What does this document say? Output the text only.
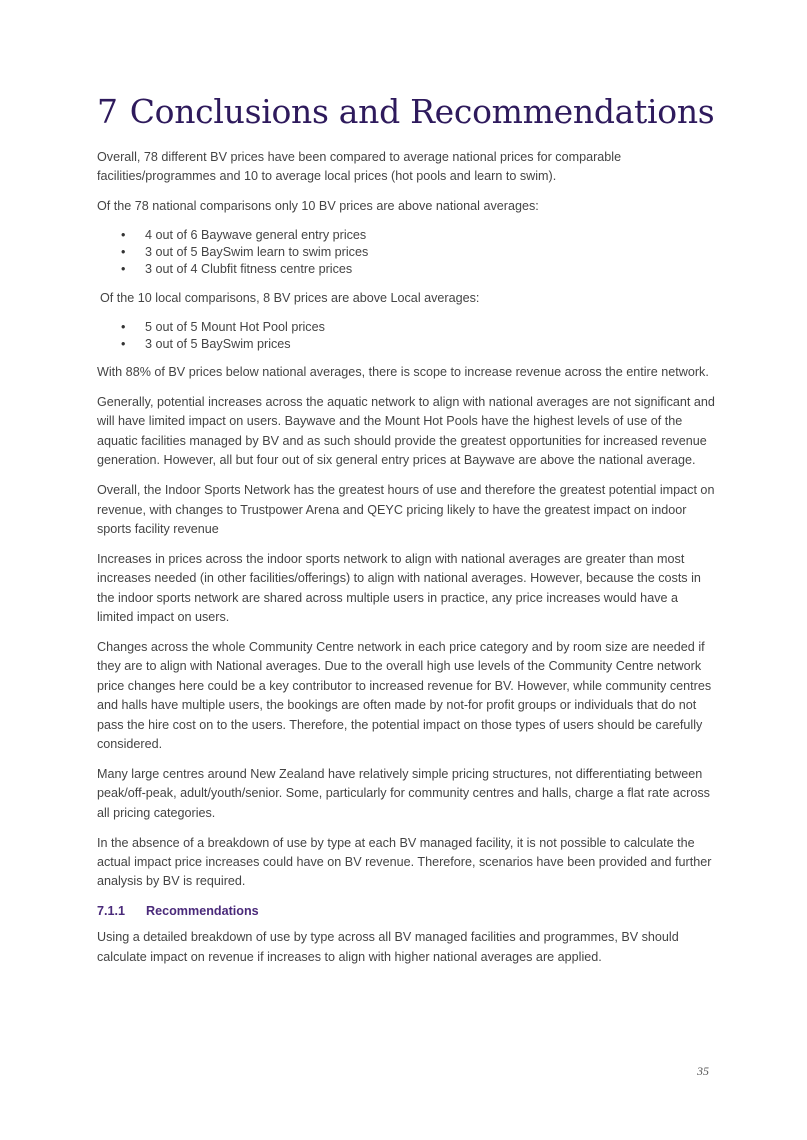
7 Conclusions and Recommendations

Overall, 78 different BV prices have been compared to average national prices for comparable facilities/programmes and 10 to average local prices (hot pools and learn to swim).

Of the 78 national comparisons only 10 BV prices are above national averages:

• 4 out of 6 Baywave general entry prices
• 3 out of 5 BaySwim learn to swim prices
• 3 out of 4 Clubfit fitness centre prices

Of the 10 local comparisons, 8 BV prices are above Local averages:

• 5 out of 5 Mount Hot Pool prices
• 3 out of 5 BaySwim prices

With 88% of BV prices below national averages, there is scope to increase revenue across the entire network.

Generally, potential increases across the aquatic network to align with national averages are not significant and will have limited impact on users. Baywave and the Mount Hot Pools have the highest levels of use of the aquatic facilities managed by BV and as such should provide the greatest opportunities for increased revenue generation. However, all but four out of six general entry prices at Baywave are above the national average.

Overall, the Indoor Sports Network has the greatest hours of use and therefore the greatest potential impact on revenue, with changes to Trustpower Arena and QEYC pricing likely to have the greatest impact on indoor sports facility revenue

Increases in prices across the indoor sports network to align with national averages are greater than most increases needed (in other facilities/offerings) to align with national averages. However, because the costs in the indoor sports network are shared across multiple users in practice, any price increases would have a limited impact on users.

Changes across the whole Community Centre network in each price category and by room size are needed if they are to align with National averages. Due to the overall high use levels of the Community Centre network price changes here could be a key contributor to increased revenue for BV. However, while community centres and halls have multiple users, the bookings are often made by not-for profit groups or individuals that do not pass the hire cost on to the users. Therefore, the potential impact on those types of users should be carefully considered.

Many large centres around New Zealand have relatively simple pricing structures, not differentiating between peak/off-peak, adult/youth/senior. Some, particularly for community centres and halls, charge a flat rate across all pricing categories.

In the absence of a breakdown of use by type at each BV managed facility, it is not possible to calculate the actual impact price increases could have on BV revenue. Therefore, scenarios have been provided and further analysis by BV is required.

7.1.1 Recommendations

Using a detailed breakdown of use by type across all BV managed facilities and programmes, BV should calculate impact on revenue if increases to align with higher national averages are applied.

35
